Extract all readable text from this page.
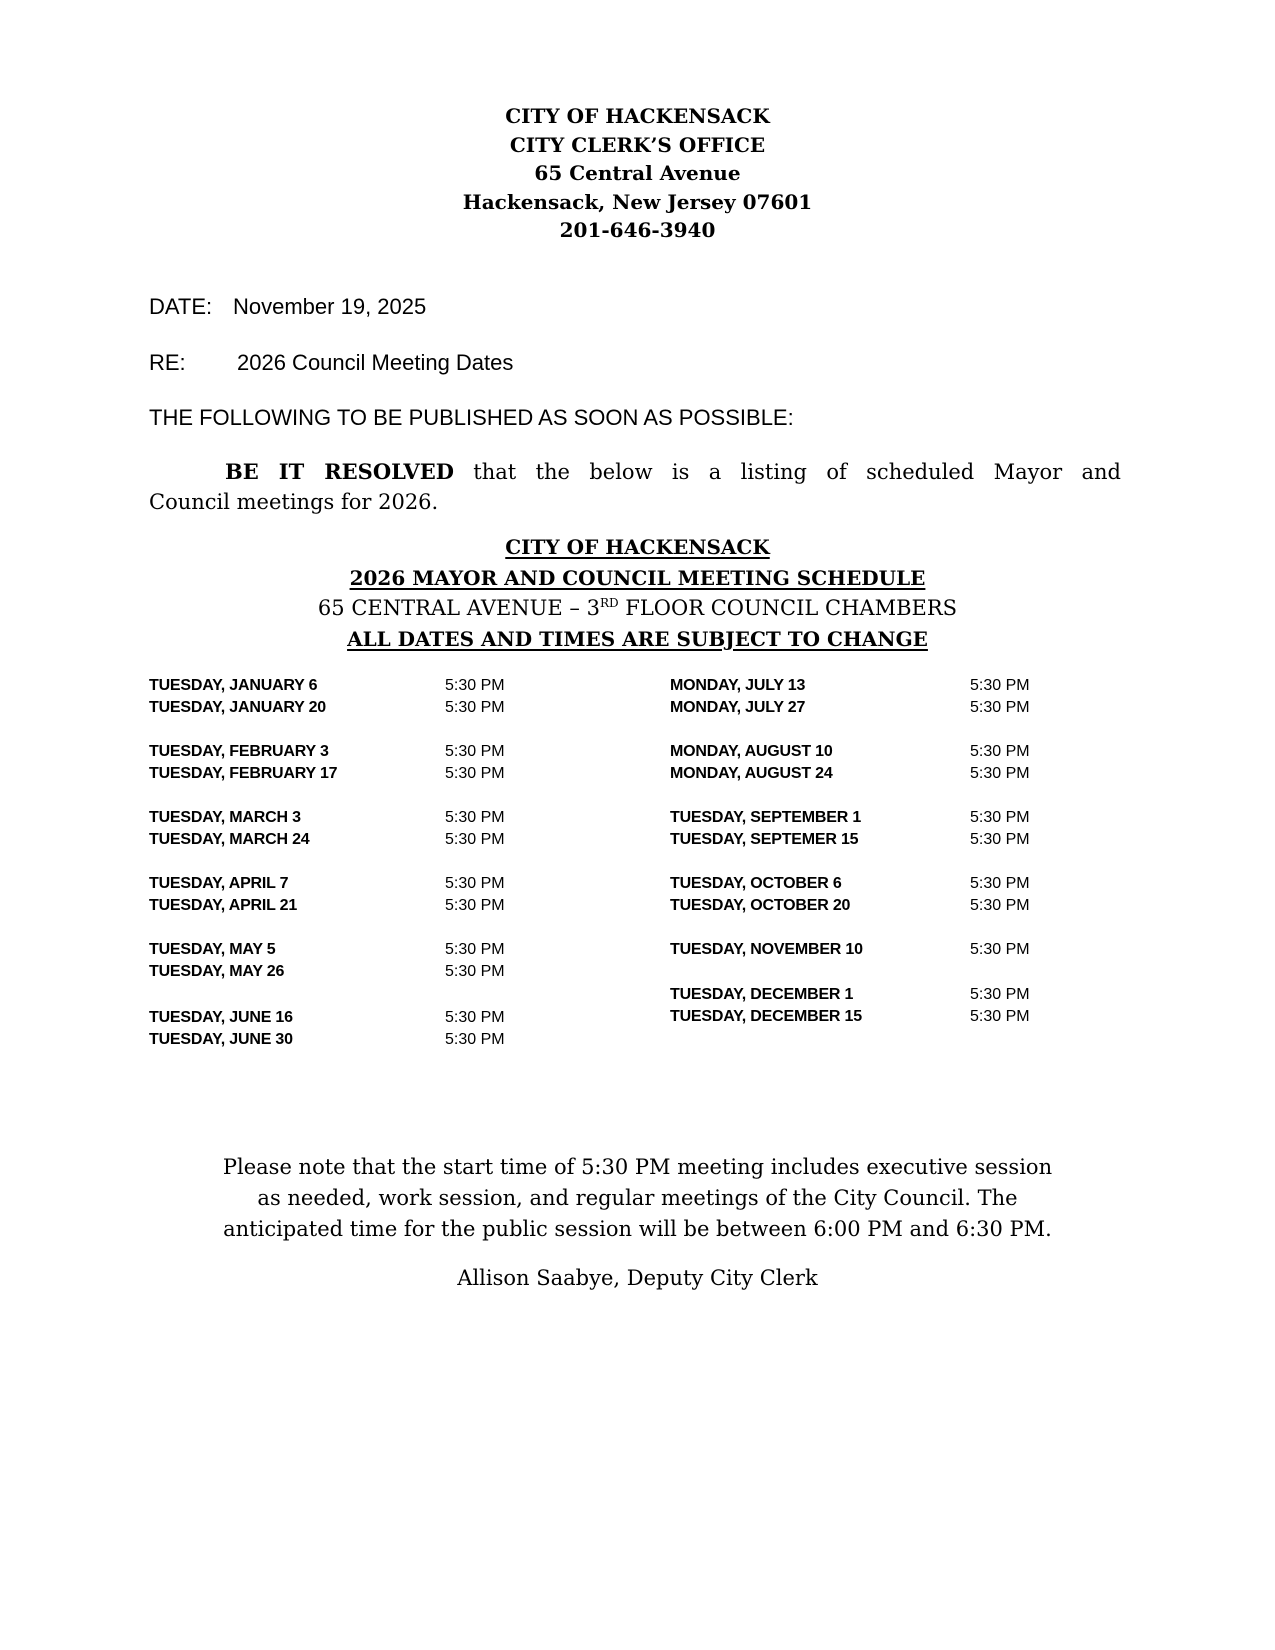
CITY OF HACKENSACK
CITY CLERK’S OFFICE
65 Central Avenue
Hackensack, New Jersey 07601
201-646-3940
DATE: November 19, 2025
RE: 2026 Council Meeting Dates
THE FOLLOWING TO BE PUBLISHED AS SOON AS POSSIBLE:
BE IT RESOLVED that the below is a listing of scheduled Mayor and
Council meetings for 2026.
CITY OF HACKENSACK
2026 MAYOR AND COUNCIL MEETING SCHEDULE
65 CENTRAL AVENUE – 3RD FLOOR COUNCIL CHAMBERS
ALL DATES AND TIMES ARE SUBJECT TO CHANGE
TUESDAY, JANUARY 6	5:30 PM
TUESDAY, JANUARY 20	5:30 PM
TUESDAY, FEBRUARY 3	5:30 PM
TUESDAY, FEBRUARY 17	5:30 PM
TUESDAY, MARCH 3	5:30 PM
TUESDAY, MARCH 24	5:30 PM
TUESDAY, APRIL 7	5:30 PM
TUESDAY, APRIL 21	5:30 PM
TUESDAY, MAY 5	5:30 PM
TUESDAY, MAY 26	5:30 PM
TUESDAY, JUNE 16	5:30 PM
TUESDAY, JUNE 30	5:30 PM
MONDAY, JULY 13	5:30 PM
MONDAY, JULY 27	5:30 PM
MONDAY, AUGUST 10	5:30 PM
MONDAY, AUGUST 24	5:30 PM
TUESDAY, SEPTEMBER 1	5:30 PM
TUESDAY, SEPTEMER 15	5:30 PM
TUESDAY, OCTOBER 6	5:30 PM
TUESDAY, OCTOBER 20	5:30 PM
TUESDAY, NOVEMBER 10	5:30 PM
TUESDAY, DECEMBER 1	5:30 PM
TUESDAY, DECEMBER 15	5:30 PM
Please note that the start time of 5:30 PM meeting includes executive session
as needed, work session, and regular meetings of the City Council. The
anticipated time for the public session will be between 6:00 PM and 6:30 PM.
Allison Saabye, Deputy City Clerk
